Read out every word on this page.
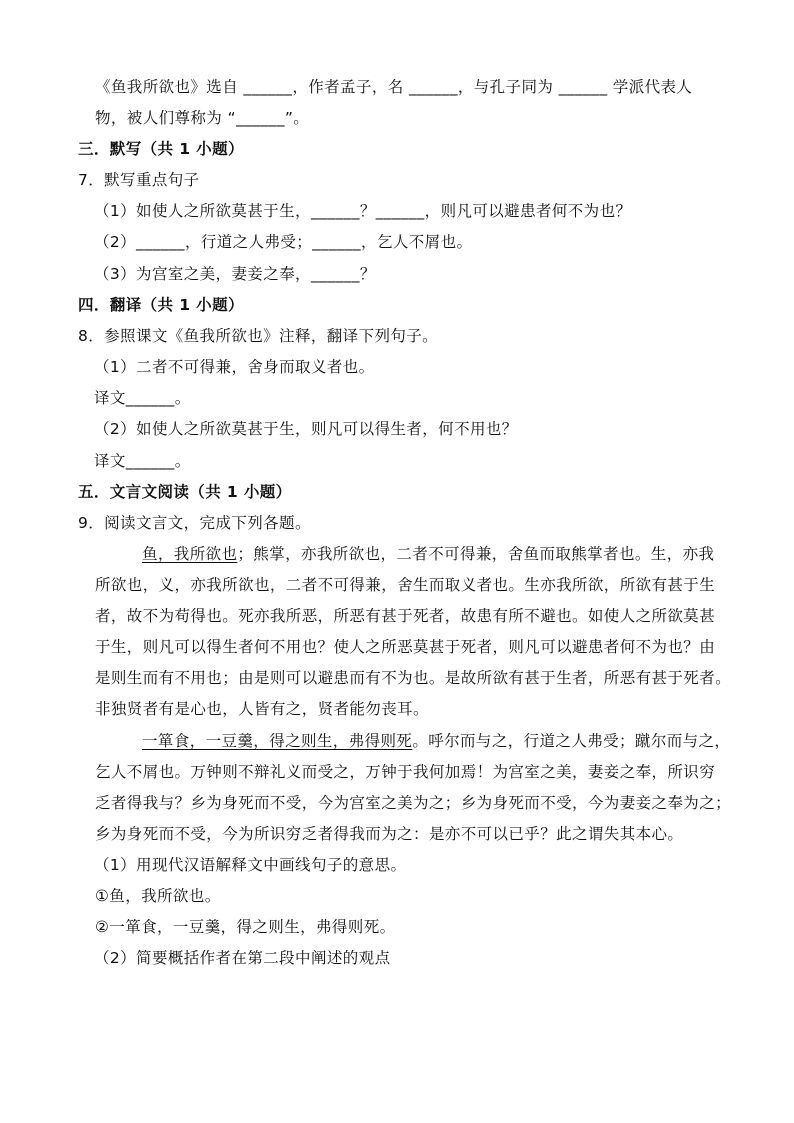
《鱼我所欲也》选自 ______，作者孟子，名 ______，与孔子同为 ______ 学派代表人
物，被人们尊称为 “______”。
三．默写（共 1 小题）
7．默写重点句子
（1）如使人之所欲莫甚于生，______？______，则凡可以避患者何不为也？
（2）______，行道之人弗受；______，乞人不屑也。
（3）为宫室之美，妻妾之奉，______？
四．翻译（共 1 小题）
8．参照课文《鱼我所欲也》注释，翻译下列句子。
（1）二者不可得兼，舍身而取义者也。
译文______。
（2）如使人之所欲莫甚于生，则凡可以得生者，何不用也？
译文______。
五．文言文阅读（共 1 小题）
9．阅读文言文，完成下列各题。
鱼，我所欲也；熊掌，亦我所欲也，二者不可得兼，舍鱼而取熊掌者也。生，亦我
所欲也，义，亦我所欲也，二者不可得兼，舍生而取义者也。生亦我所欲，所欲有甚于生
者，故不为苟得也。死亦我所恶，所恶有甚于死者，故患有所不避也。如使人之所欲莫甚
于生，则凡可以得生者何不用也？使人之所恶莫甚于死者，则凡可以避患者何不为也？由
是则生而有不用也；由是则可以避患而有不为也。是故所欲有甚于生者，所恶有甚于死者。
非独贤者有是心也，人皆有之，贤者能勿丧耳。
一箪食，一豆羹，得之则生，弗得则死。呼尔而与之，行道之人弗受；蹴尔而与之，
乞人不屑也。万钟则不辩礼义而受之，万钟于我何加焉！为宫室之美，妻妾之奉，所识穷
乏者得我与？乡为身死而不受，今为宫室之美为之；乡为身死而不受，今为妻妾之奉为之；
乡为身死而不受，今为所识穷乏者得我而为之：是亦不可以已乎？此之谓失其本心。
（1）用现代汉语解释文中画线句子的意思。
①鱼，我所欲也。
②一箪食，一豆羹，得之则生，弗得则死。
（2）简要概括作者在第二段中阐述的观点
